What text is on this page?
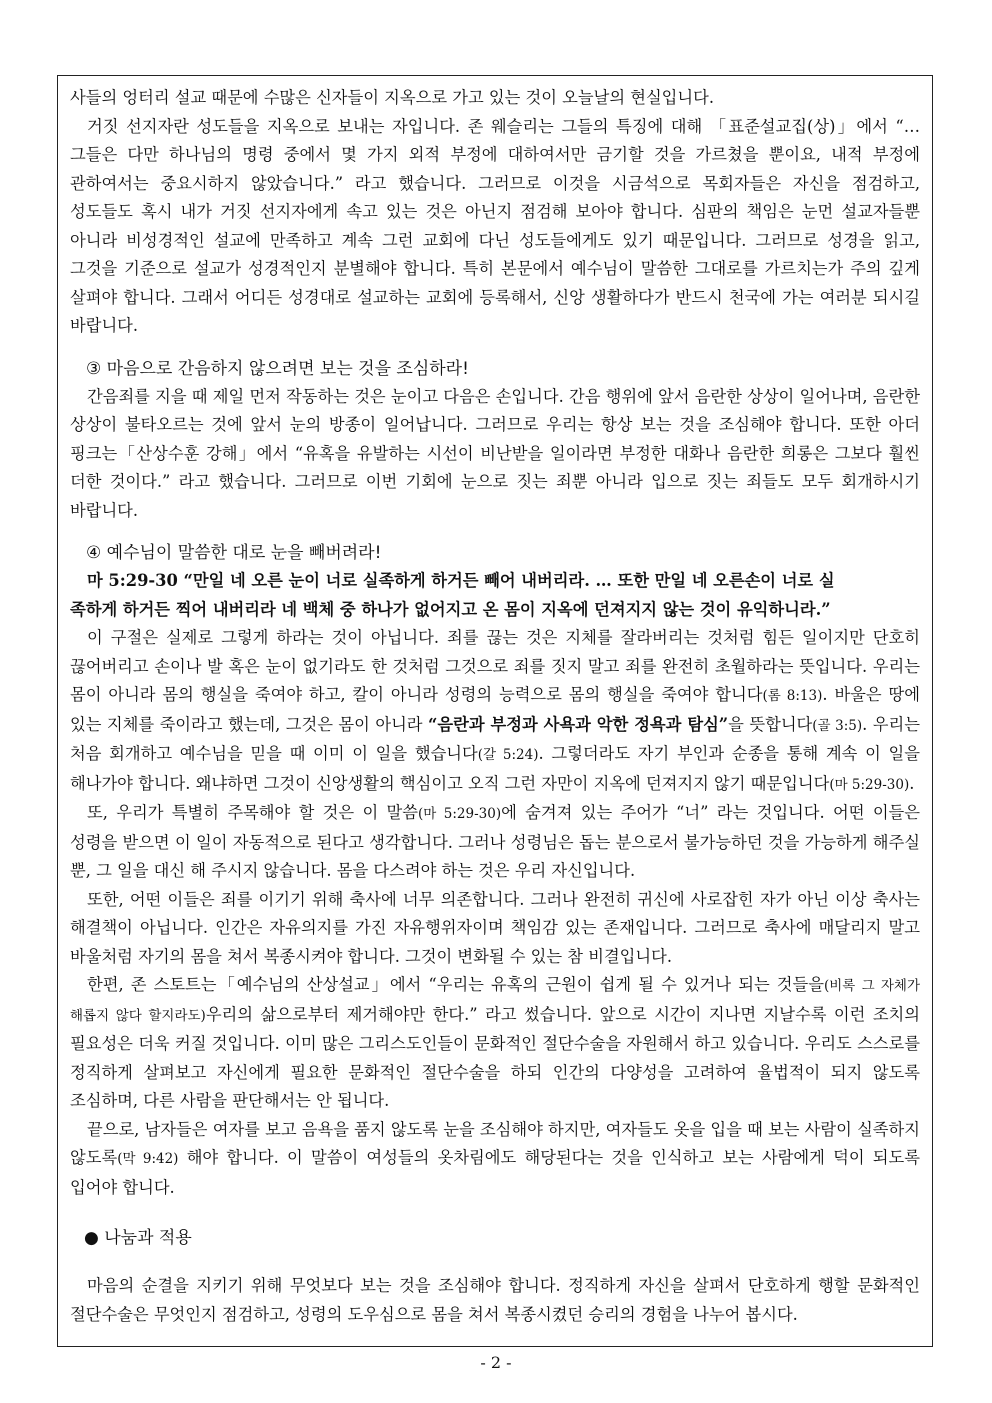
사들의 엉터리 설교 때문에 수많은 신자들이 지옥으로 가고 있는 것이 오늘날의 현실입니다.

거짓 선지자란 성도들을 지옥으로 보내는 자입니다. 존 웨슬리는 그들의 특징에 대해 「표준설교집(상)」에서 “…그들은 다만 하나님의 명령 중에서 몇 가지 외적 부정에 대하여서만 금기할 것을 가르쳤을 뿐이요, 내적 부정에 관하여서는 중요시하지 않았습니다.” 라고 했습니다. 그러므로 이것을 시금석으로 목회자들은 자신을 점검하고, 성도들도 혹시 내가 거짓 선지자에게 속고 있는 것은 아닌지 점검해 보아야 합니다. 심판의 책임은 눈먼 설교자들뿐 아니라 비성경적인 설교에 만족하고 계속 그런 교회에 다닌 성도들에게도 있기 때문입니다. 그러므로 성경을 읽고, 그것을 기준으로 설교가 성경적인지 분별해야 합니다. 특히 본문에서 예수님이 말씀한 그대로를 가르치는가 주의 깊게 살펴야 합니다. 그래서 어디든 성경대로 설교하는 교회에 등록해서, 신앙 생활하다가 반드시 천국에 가는 여러분 되시길 바랍니다.

③ 마음으로 간음하지 않으려면 보는 것을 조심하라!

간음죄를 지을 때 제일 먼저 작동하는 것은 눈이고 다음은 손입니다. 간음 행위에 앞서 음란한 상상이 일어나며, 음란한 상상이 불타오르는 것에 앞서 눈의 방종이 일어납니다. 그러므로 우리는 항상 보는 것을 조심해야 합니다. 또한 아더 핑크는「산상수훈 강해」에서 “유혹을 유발하는 시선이 비난받을 일이라면 부정한 대화나 음란한 희롱은 그보다 훨씬 더한 것이다.” 라고 했습니다. 그러므로 이번 기회에 눈으로 짓는 죄뿐 아니라 입으로 짓는 죄들도 모두 회개하시기 바랍니다.

④ 예수님이 말씀한 대로 눈을 빼버려라!

마 5:29-30 “만일 네 오른 눈이 너로 실족하게 하거든 빼어 내버리라. … 또한 만일 네 오른손이 너로 실

족하게 하거든 찍어 내버리라 네 백체 중 하나가 없어지고 온 몸이 지옥에 던져지지 않는 것이 유익하니라.”

이 구절은 실제로 그렇게 하라는 것이 아닙니다. 죄를 끊는 것은 지체를 잘라버리는 것처럼 힘든 일이지만 단호히 끊어버리고 손이나 발 혹은 눈이 없기라도 한 것처럼 그것으로 죄를 짓지 말고 죄를 완전히 초월하라는 뜻입니다. 우리는 몸이 아니라 몸의 행실을 죽여야 하고, 칼이 아니라 성령의 능력으로 몸의 행실을 죽여야 합니다(롬 8:13). 바울은 땅에 있는 지체를 죽이라고 했는데, 그것은 몸이 아니라 “음란과 부정과 사욕과 악한 정욕과 탐심”을 뜻합니다(골 3:5). 우리는 처음 회개하고 예수님을 믿을 때 이미 이 일을 했습니다(갈 5:24). 그렇더라도 자기 부인과 순종을 통해 계속 이 일을 해나가야 합니다. 왜냐하면 그것이 신앙생활의 핵심이고 오직 그런 자만이 지옥에 던져지지 않기 때문입니다(마 5:29-30).

또, 우리가 특별히 주목해야 할 것은 이 말씀(마 5:29-30)에 숨겨져 있는 주어가 “너” 라는 것입니다. 어떤 이들은 성령을 받으면 이 일이 자동적으로 된다고 생각합니다. 그러나 성령님은 돕는 분으로서 불가능하던 것을 가능하게 해주실 뿐, 그 일을 대신 해 주시지 않습니다. 몸을 다스려야 하는 것은 우리 자신입니다.

또한, 어떤 이들은 죄를 이기기 위해 축사에 너무 의존합니다. 그러나 완전히 귀신에 사로잡힌 자가 아닌 이상 축사는 해결책이 아닙니다. 인간은 자유의지를 가진 자유행위자이며 책임감 있는 존재입니다. 그러므로 축사에 매달리지 말고 바울처럼 자기의 몸을 쳐서 복종시켜야 합니다. 그것이 변화될 수 있는 참 비결입니다.

한편, 존 스토트는「예수님의 산상설교」에서 “우리는 유혹의 근원이 쉽게 될 수 있거나 되는 것들을(비록 그 자체가 해롭지 않다 할지라도)우리의 삶으로부터 제거해야만 한다.” 라고 썼습니다. 앞으로 시간이 지나면 지날수록 이런 조치의 필요성은 더욱 커질 것입니다. 이미 많은 그리스도인들이 문화적인 절단수술을 자원해서 하고 있습니다. 우리도 스스로를 정직하게 살펴보고 자신에게 필요한 문화적인 절단수술을 하되 인간의 다양성을 고려하여 율법적이 되지 않도록 조심하며, 다른 사람을 판단해서는 안 됩니다.

끝으로, 남자들은 여자를 보고 음욕을 품지 않도록 눈을 조심해야 하지만, 여자들도 옷을 입을 때 보는 사람이 실족하지 않도록(막 9:42) 해야 합니다. 이 말씀이 여성들의 옷차림에도 해당된다는 것을 인식하고 보는 사람에게 덕이 되도록 입어야 합니다.

● 나눔과 적용

마음의 순결을 지키기 위해 무엇보다 보는 것을 조심해야 합니다. 정직하게 자신을 살펴서 단호하게 행할 문화적인 절단수술은 무엇인지 점검하고, 성령의 도우심으로 몸을 쳐서 복종시켰던 승리의 경험을 나누어 봅시다.

- 2 -
